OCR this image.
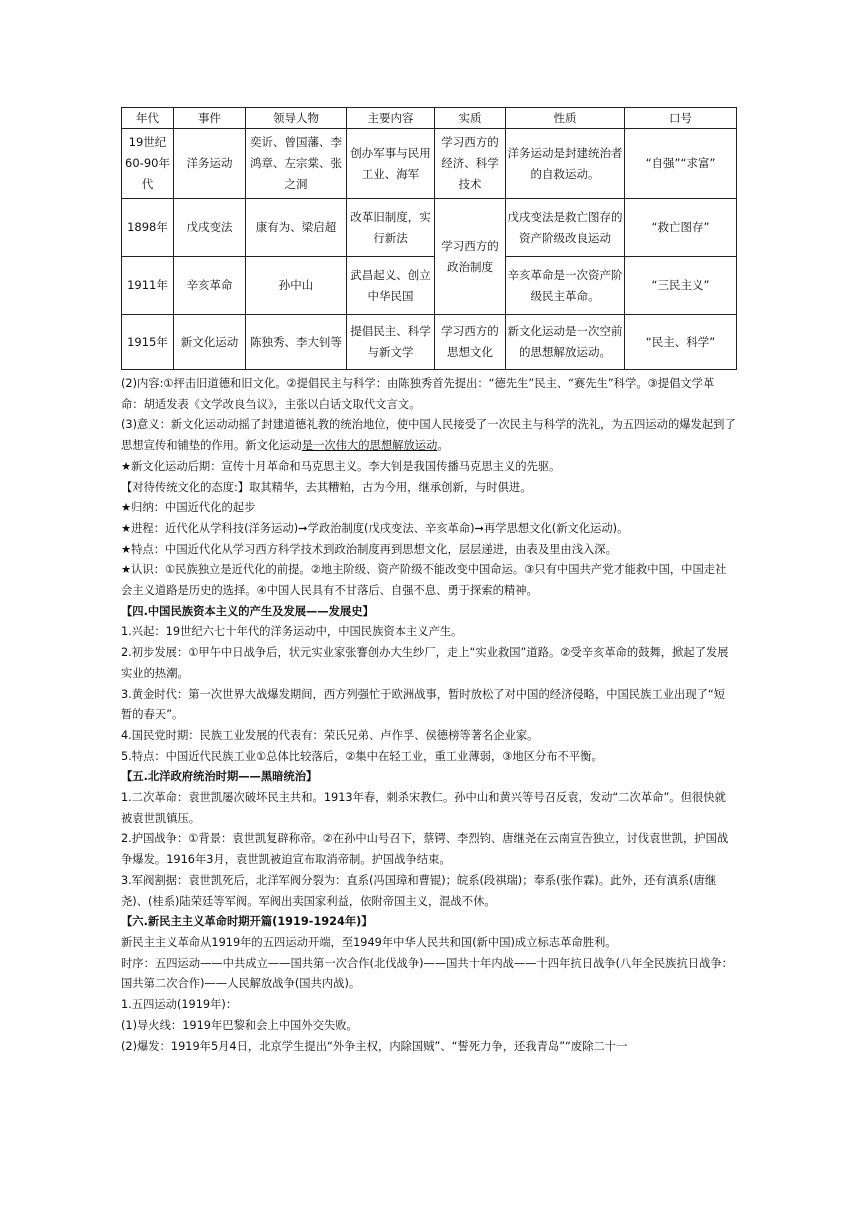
年代	事件	领导人物	主要内容	实质	性质	口号
19世纪60-90年代	洋务运动	奕䜣、曾国藩、李鸿章、左宗棠、张之洞	创办军事与民用工业、海军	学习西方的经济、科学技术	洋务运动是封建统治者的自救运动。	“自强”“求富”
1898年	戊戌变法	康有为、梁启超	改革旧制度，实行新法	学习西方的政治制度	戊戌变法是救亡图存的资产阶级改良运动	“救亡图存”
1911年	辛亥革命	孙中山	武昌起义、创立中华民国		辛亥革命是一次资产阶级民主革命。	“三民主义”
1915年	新文化运动	陈独秀、李大钊等	提倡民主、科学与新文学	学习西方的思想文化	新文化运动是一次空前的思想解放运动。	“民主、科学”

(2)内容:①抨击旧道德和旧文化。②提倡民主与科学：由陈独秀首先提出：“德先生”民主、“赛先生”科学。③提倡文学革命：胡适发表《文学改良刍议》，主张以白话文取代文言文。

(3)意义：新文化运动动摇了封建道德礼教的统治地位，使中国人民接受了一次民主与科学的洗礼，为五四运动的爆发起到了思想宣传和铺垫的作用。新文化运动是一次伟大的思想解放运动。

★新文化运动后期：宣传十月革命和马克思主义。李大钊是我国传播马克思主义的先驱。

【对待传统文化的态度:】取其精华，去其糟粕，古为今用，继承创新，与时俱进。

★归纳：中国近代化的起步

★进程：近代化从学科技(洋务运动)➞学政治制度(戊戌变法、辛亥革命)➞再学思想文化(新文化运动)。

★特点：中国近代化从学习西方科学技术到政治制度再到思想文化，层层递进，由表及里由浅入深。

★认识：①民族独立是近代化的前提。②地主阶级、资产阶级不能改变中国命运。③只有中国共产党才能救中国，中国走社会主义道路是历史的选择。④中国人民具有不甘落后、自强不息、勇于探索的精神。

【四.中国民族资本主义的产生及发展——发展史】

1.兴起：19世纪六七十年代的洋务运动中，中国民族资本主义产生。

2.初步发展：①甲午中日战争后，状元实业家张謇创办大生纱厂，走上“实业救国”道路。②受辛亥革命的鼓舞，掀起了发展实业的热潮。

3.黄金时代：第一次世界大战爆发期间，西方列强忙于欧洲战事，暂时放松了对中国的经济侵略，中国民族工业出现了“短暂的春天”。

4.国民党时期：民族工业发展的代表有：荣氏兄弟、卢作孚、侯德榜等著名企业家。

5.特点：中国近代民族工业①总体比较落后，②集中在轻工业，重工业薄弱，③地区分布不平衡。

【五.北洋政府统治时期——黑暗统治】

1.二次革命：袁世凯屡次破坏民主共和。1913年春，刺杀宋教仁。孙中山和黄兴等号召反袁，发动“二次革命”。但很快就被袁世凯镇压。

2.护国战争：①背景：袁世凯复辟称帝。②在孙中山号召下，蔡锷、李烈钧、唐继尧在云南宣告独立，讨伐袁世凯，护国战争爆发。1916年3月，袁世凯被迫宣布取消帝制。护国战争结束。

3.军阀割据：袁世凯死后，北洋军阀分裂为：直系(冯国璋和曹锟)；皖系(段祺瑞)；奉系(张作霖)。此外，还有滇系(唐继尧)、(桂系)陆荣廷等军阀。军阀出卖国家利益，依附帝国主义，混战不休。

【六.新民主主义革命时期开篇(1919-1924年)】

新民主主义革命从1919年的五四运动开端，至1949年中华人民共和国(新中国)成立标志革命胜利。

时序：五四运动——中共成立——国共第一次合作(北伐战争)——国共十年内战——十四年抗日战争(八年全民族抗日战争：国共第二次合作)——人民解放战争(国共内战)。

1.五四运动(1919年)：

(1)导火线：1919年巴黎和会上中国外交失败。

(2)爆发：1919年5月4日，北京学生提出“外争主权，内除国贼”、“誓死力争，还我青岛”“废除二十一
